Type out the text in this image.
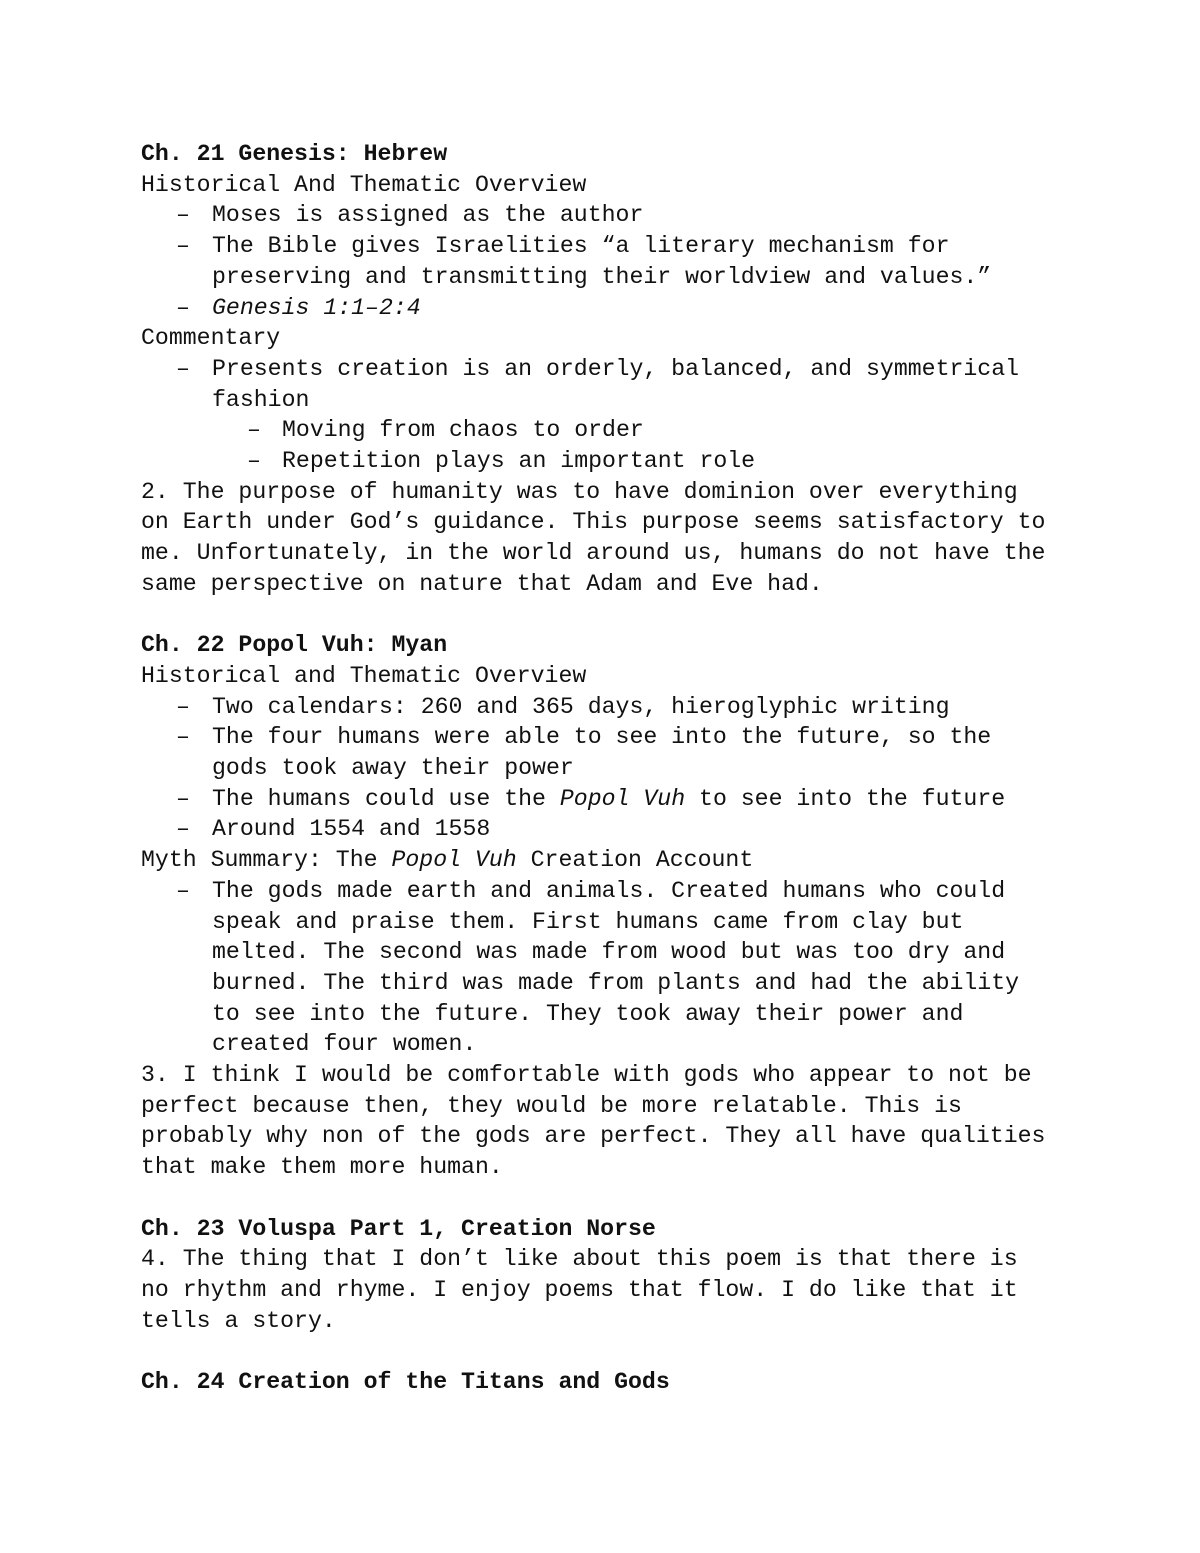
Ch. 21 Genesis: Hebrew
Historical And Thematic Overview
– Moses is assigned as the author
– The Bible gives Israelities “a literary mechanism for
preserving and transmitting their worldview and values.”
– Genesis 1:1–2:4
Commentary
– Presents creation is an orderly, balanced, and symmetrical
fashion
– Moving from chaos to order
– Repetition plays an important role
2. The purpose of humanity was to have dominion over everything
on Earth under God’s guidance. This purpose seems satisfactory to
me. Unfortunately, in the world around us, humans do not have the
same perspective on nature that Adam and Eve had.
Ch. 22 Popol Vuh: Myan
Historical and Thematic Overview
– Two calendars: 260 and 365 days, hieroglyphic writing
– The four humans were able to see into the future, so the
gods took away their power
– The humans could use the Popol Vuh to see into the future
– Around 1554 and 1558
Myth Summary: The Popol Vuh Creation Account
– The gods made earth and animals. Created humans who could
speak and praise them. First humans came from clay but
melted. The second was made from wood but was too dry and
burned. The third was made from plants and had the ability
to see into the future. They took away their power and
created four women.
3. I think I would be comfortable with gods who appear to not be
perfect because then, they would be more relatable. This is
probably why non of the gods are perfect. They all have qualities
that make them more human.
Ch. 23 Voluspa Part 1, Creation Norse
4. The thing that I don’t like about this poem is that there is
no rhythm and rhyme. I enjoy poems that flow. I do like that it
tells a story.
Ch. 24 Creation of the Titans and Gods
